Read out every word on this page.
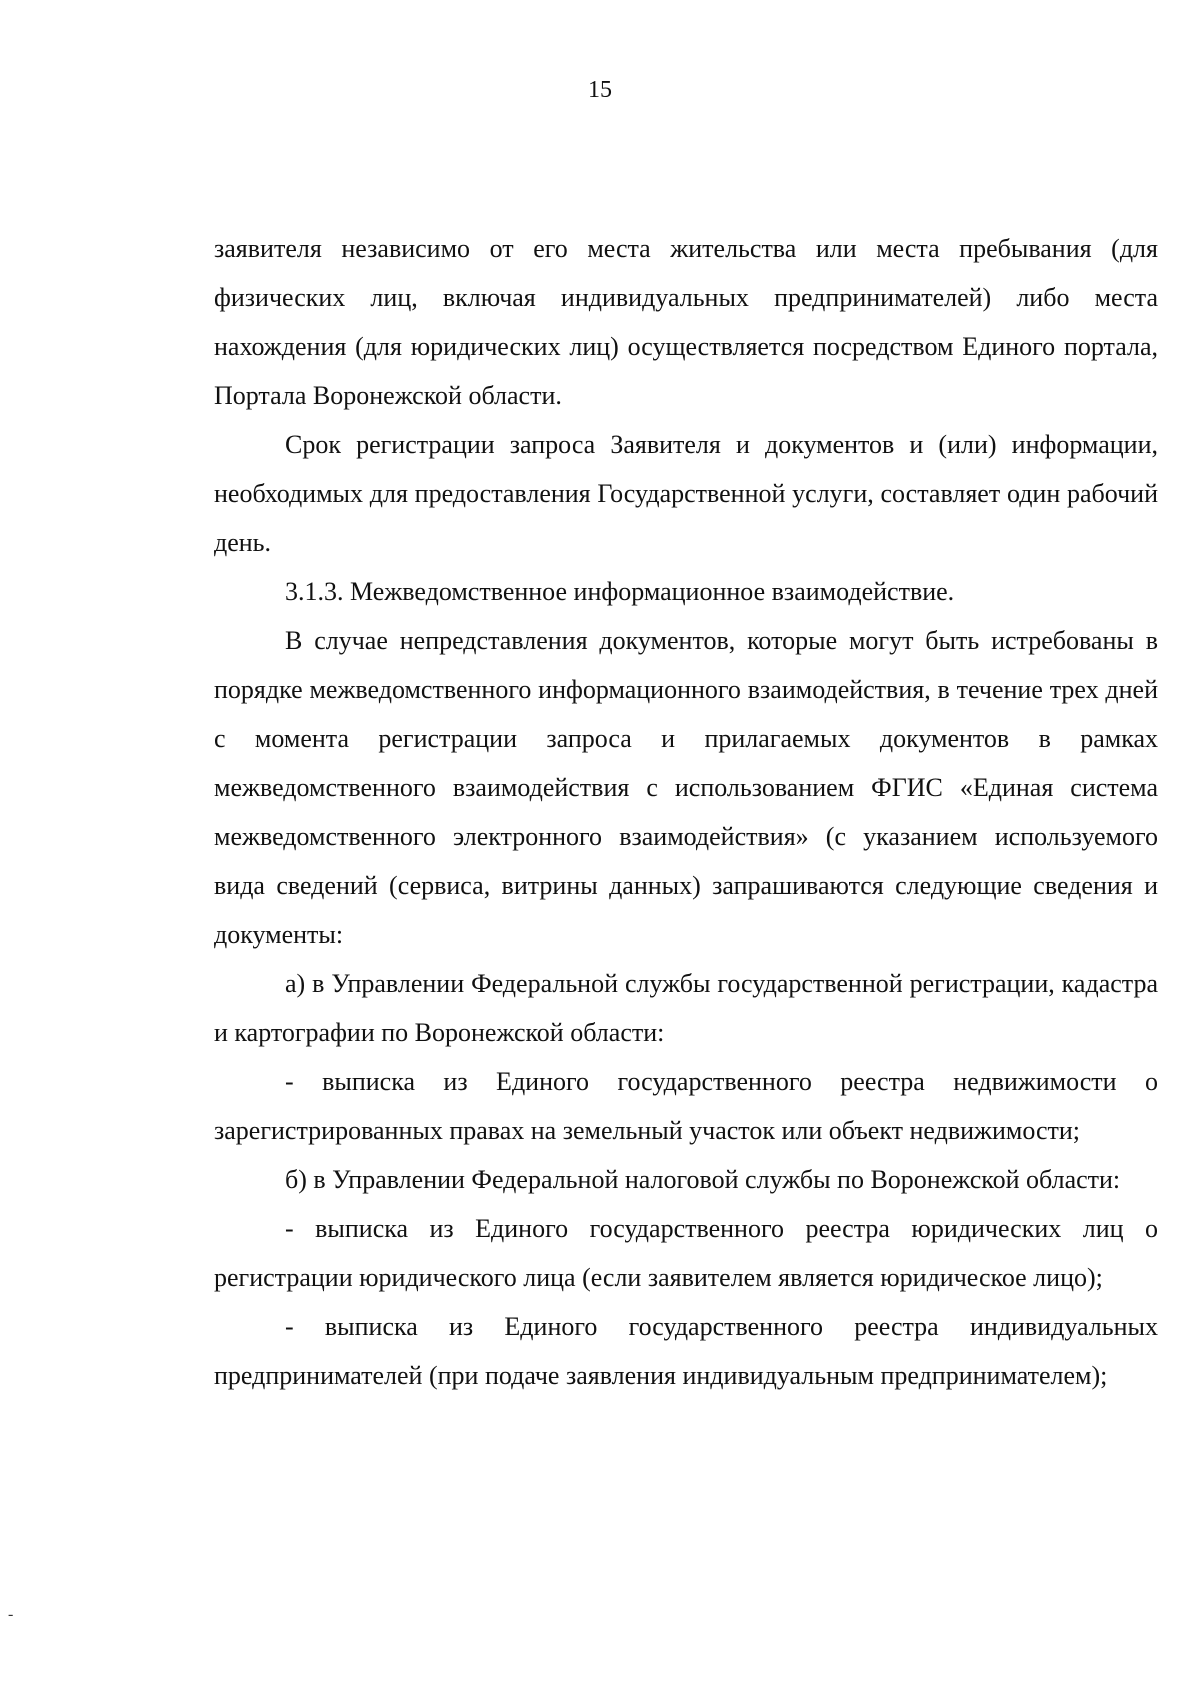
15

заявителя независимо от его места жительства или места пребывания (для физических лиц, включая индивидуальных предпринимателей) либо места нахождения (для юридических лиц) осуществляется посредством Единого портала, Портала Воронежской области.

Срок регистрации запроса Заявителя и документов и (или) информации, необходимых для предоставления Государственной услуги, составляет один рабочий день.

3.1.3. Межведомственное информационное взаимодействие.

В случае непредставления документов, которые могут быть истребованы в порядке межведомственного информационного взаимодействия, в течение трех дней с момента регистрации запроса и прилагаемых документов в рамках межведомственного взаимодействия с использованием ФГИС «Единая система межведомственного электронного взаимодействия» (с указанием используемого вида сведений (сервиса, витрины данных) запрашиваются следующие сведения и документы:

а) в Управлении Федеральной службы государственной регистрации, кадастра и картографии по Воронежской области:

- выписка из Единого государственного реестра недвижимости о зарегистрированных правах на земельный участок или объект недвижимости;

б) в Управлении Федеральной налоговой службы по Воронежской области:

- выписка из Единого государственного реестра юридических лиц о регистрации юридического лица (если заявителем является юридическое лицо);

- выписка из Единого государственного реестра индивидуальных предпринимателей (при подаче заявления индивидуальным предпринимателем);

-
